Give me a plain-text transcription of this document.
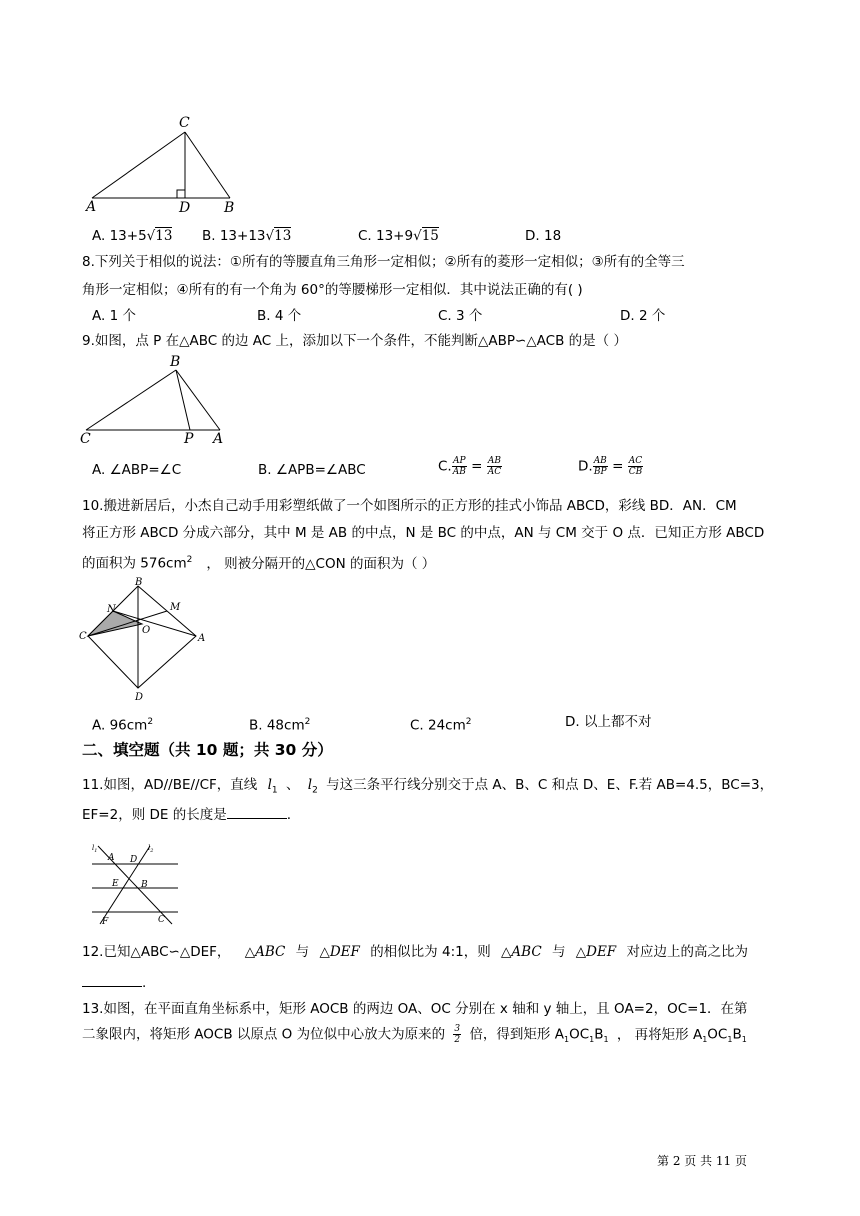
C
A	D B
A. 13+5√13 B. 13+13√13	C. 13+9√15	D. 18
8.下列关于相似的说法：①所有的等腰直角三角形一定相似；②所有的菱形一定相似；③所有的全等三
角形一定相似；④所有的有一个角为 60°的等腰梯形一定相似．其中说法正确的有( )
A. 1 个	B. 4 个	C. 3 个	D. 2 个
9.如图，点 P 在△ABC 的边 AC 上，添加以下一个条件，不能判断△ABP∽△ACB 的是（ ）
B
C	P A
A. ∠ABP=∠C	B. ∠APB=∠ABC	C. $\frac{AP}{AB} = \frac{AB}{AC}$	D. $\frac{AB}{BP} = \frac{AC}{CB}$
10.搬进新居后，小杰自己动手用彩塑纸做了一个如图所示的正方形的挂式小饰品 ABCD，彩线 BD．AN．CM
将正方形 ABCD 分成六部分，其中 M 是 AB 的中点，N 是 BC 的中点，AN 与 CM 交于 O 点．已知正方形 ABCD
的面积为 $576cm^2$ ， 则被分隔开的△CON 的面积为（ ）
B
N	M
C
O
A
D
A. $96cm^2$	B. $48cm^2$	C. $24cm^2$	D. 以上都不对
二、填空题（共 10 题；共 30 分）
11.如图，AD//BE//CF，直线 $l_1$ 、 $l_2$ 与这三条平行线分别交于点 A、B、C 和点 D、E、F.若 AB=4.5，BC=3，
EF=2，则 DE 的长度是	.
$l_1$	$l_2$
A D
E B
F	C
12.已知△ABC∽△DEF， △ABC 与 △DEF 的相似比为 4:1，则 △ABC 与 △DEF 对应边上的高之比为
.
13.如图，在平面直角坐标系中，矩形 AOCB 的两边 OA、OC 分别在 x 轴和 y 轴上，且 OA=2，OC=1．在第
二象限内，将矩形 AOCB 以原点 O 为位似中心放大为原来的 $\frac{3}{2}$ 倍，得到矩形 $A_1OC_1B_1$ ， 再将矩形 $A_1OC_1B_1$
第 2 页 共 11 页
